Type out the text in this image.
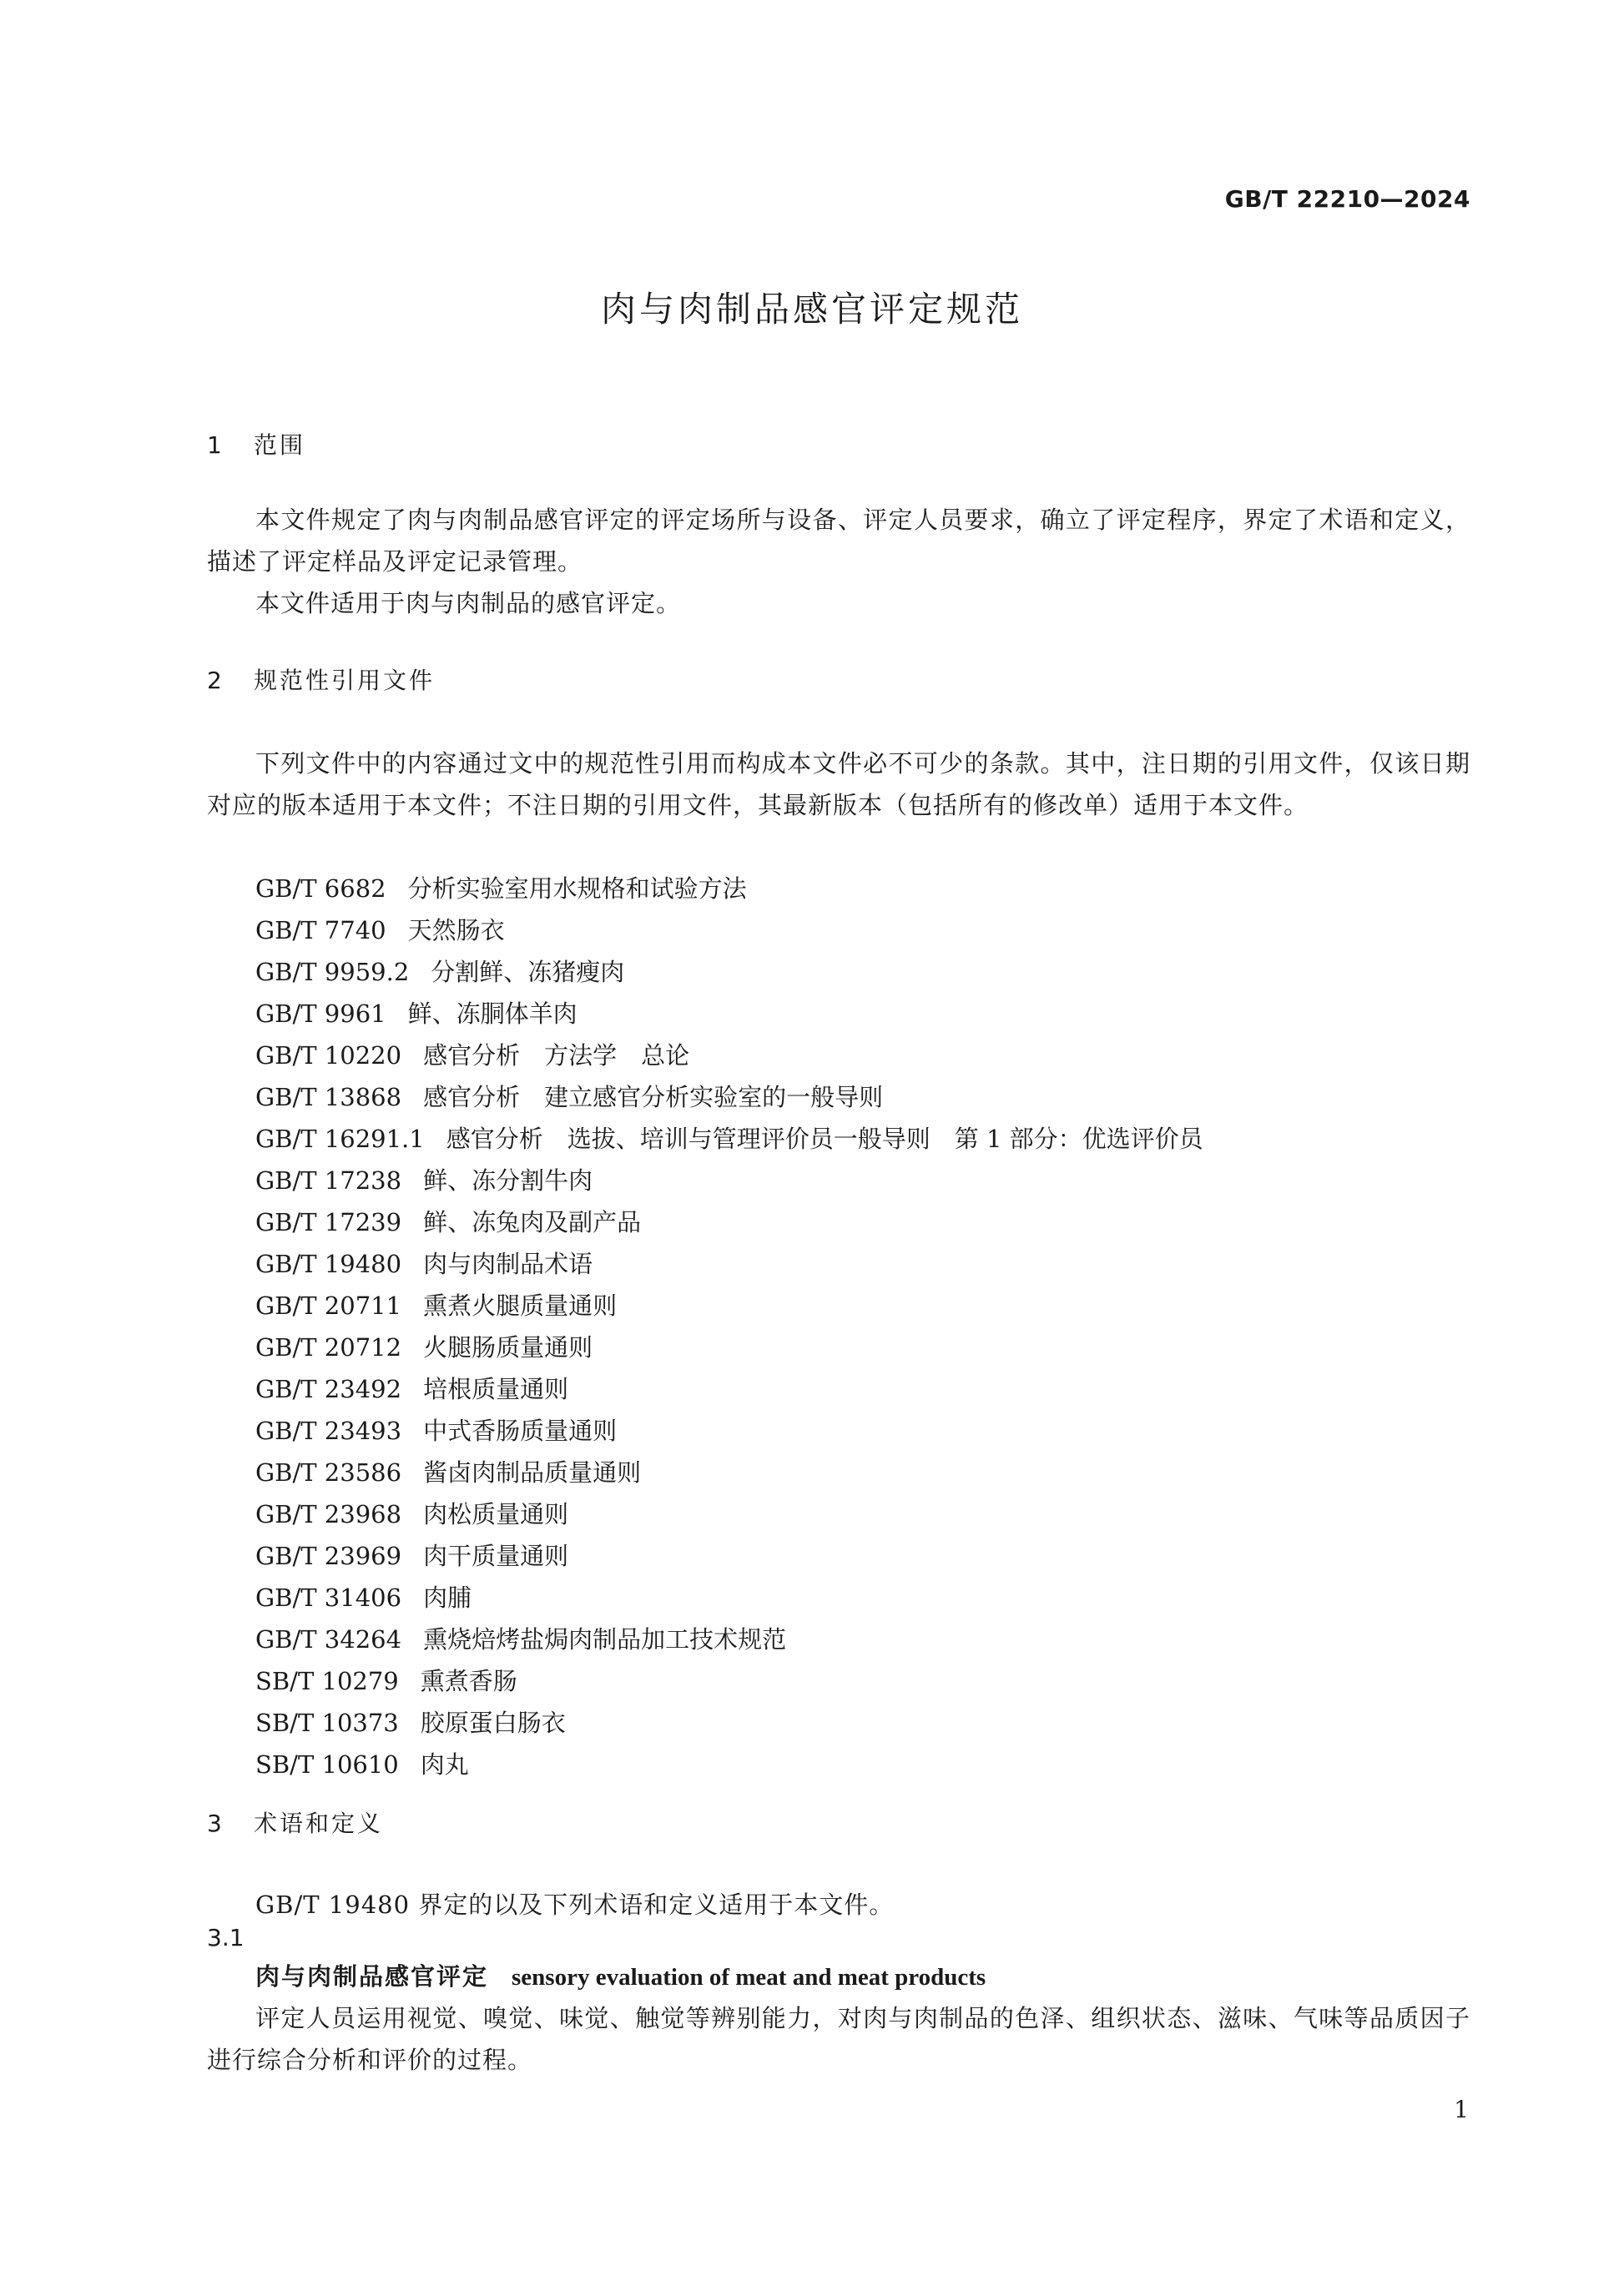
GB/T 22210—2024
肉与肉制品感官评定规范
1 范围

本文件规定了肉与肉制品感官评定的评定场所与设备、评定人员要求，确立了评定程序，界定了术语和定义，描述了评定样品及评定记录管理。

本文件适用于肉与肉制品的感官评定。

2 规范性引用文件

下列文件中的内容通过文中的规范性引用而构成本文件必不可少的条款。其中，注日期的引用文件，仅该日期对应的版本适用于本文件；不注日期的引用文件，其最新版本（包括所有的修改单）适用于本文件。

GB/T 6682 分析实验室用水规格和试验方法
GB/T 7740 天然肠衣
GB/T 9959.2 分割鲜、冻猪瘦肉
GB/T 9961 鲜、冻胴体羊肉
GB/T 10220 感官分析　方法学　总论
GB/T 13868 感官分析　建立感官分析实验室的一般导则
GB/T 16291.1 感官分析　选拔、培训与管理评价员一般导则　第 1 部分：优选评价员
GB/T 17238 鲜、冻分割牛肉
GB/T 17239 鲜、冻兔肉及副产品
GB/T 19480 肉与肉制品术语
GB/T 20711 熏煮火腿质量通则
GB/T 20712 火腿肠质量通则
GB/T 23492 培根质量通则
GB/T 23493 中式香肠质量通则
GB/T 23586 酱卤肉制品质量通则
GB/T 23968 肉松质量通则
GB/T 23969 肉干质量通则
GB/T 31406 肉脯
GB/T 34264 熏烧焙烤盐焗肉制品加工技术规范
SB/T 10279 熏煮香肠
SB/T 10373 胶原蛋白肠衣
SB/T 10610 肉丸
3 术语和定义

GB/T 19480 界定的以及下列术语和定义适用于本文件。

3.1
肉与肉制品感官评定 sensory evaluation of meat and meat products

评定人员运用视觉、嗅觉、味觉、触觉等辨别能力，对肉与肉制品的色泽、组织状态、滋味、气味等品质因子进行综合分析和评价的过程。

1
